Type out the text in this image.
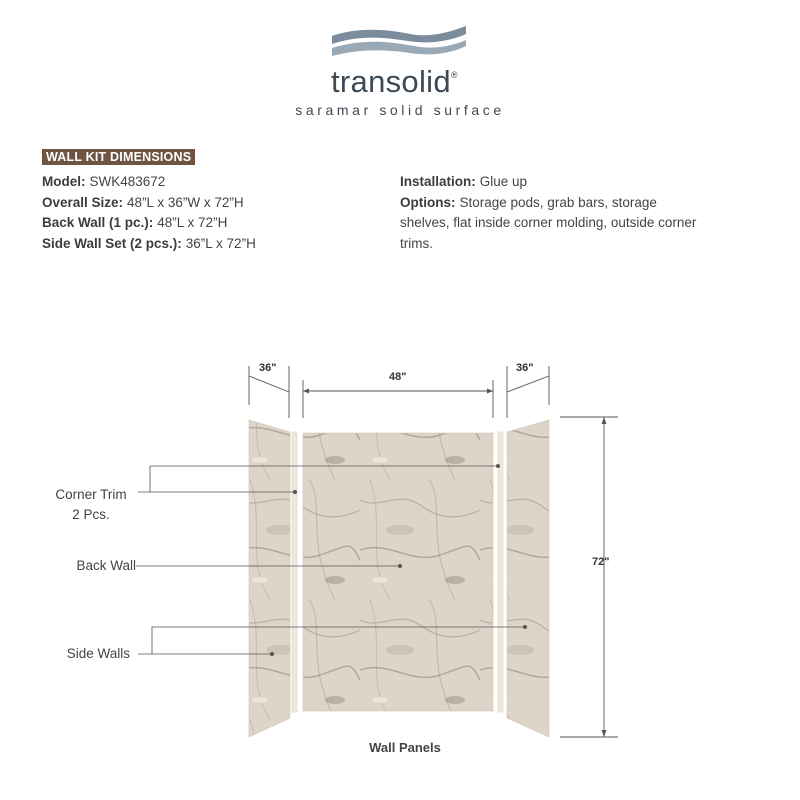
transolid®
saramar solid surface
WALL KIT DIMENSIONS
Model: SWK483672
Overall Size: 48”L x 36”W x 72”H
Back Wall (1 pc.): 48”L x 72”H
Side Wall Set (2 pcs.): 36”L x 72”H
Installation: Glue up
Options: Storage pods, grab bars, storage shelves, flat inside corner molding, outside corner trims.
36"
48"
36"
72"
Corner Trim
2 Pcs.
Back Wall
Side Walls
Wall Panels
